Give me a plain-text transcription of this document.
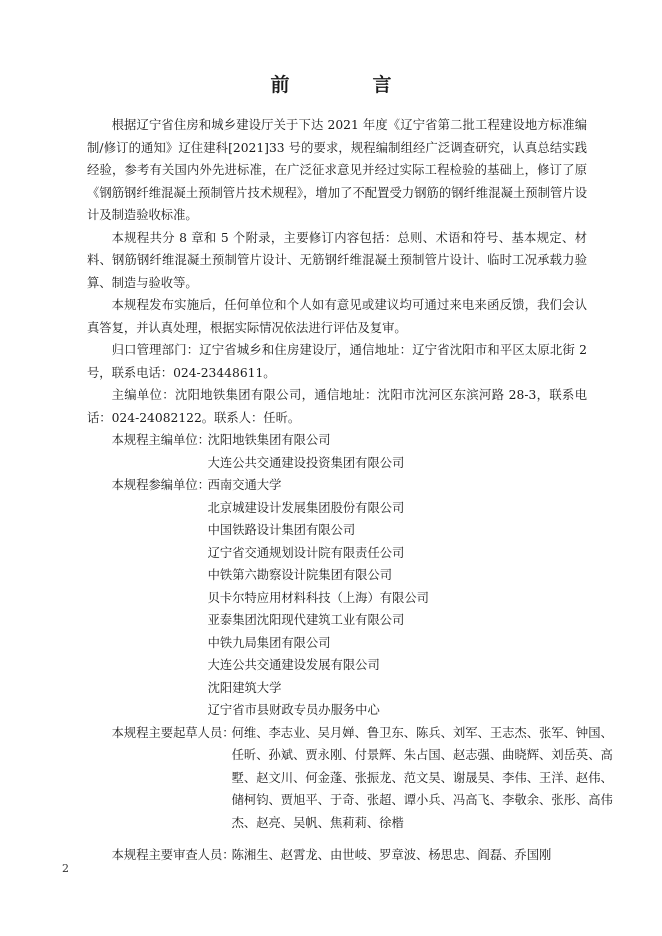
前　言

根据辽宁省住房和城乡建设厅关于下达 2021 年度《辽宁省第二批工程建设地方标准编制/修订的通知》辽住建科[2021]33 号的要求，规程编制组经广泛调查研究，认真总结实践经验，参考有关国内外先进标准，在广泛征求意见并经过实际工程检验的基础上，修订了原《钢筋钢纤维混凝土预制管片技术规程》，增加了不配置受力钢筋的钢纤维混凝土预制管片设计及制造验收标准。

本规程共分 8 章和 5 个附录，主要修订内容包括：总则、术语和符号、基本规定、材料、钢筋钢纤维混凝土预制管片设计、无筋钢纤维混凝土预制管片设计、临时工况承载力验算、制造与验收等。

本规程发布实施后，任何单位和个人如有意见或建议均可通过来电来函反馈，我们会认真答复，并认真处理，根据实际情况依法进行评估及复审。

归口管理部门：辽宁省城乡和住房建设厅，通信地址：辽宁省沈阳市和平区太原北街 2 号，联系电话：024-23448611。

主编单位：沈阳地铁集团有限公司，通信地址：沈阳市沈河区东滨河路 28-3，联系电话：024-24082122。联系人：任昕。

本规程主编单位：
沈阳地铁集团有限公司
大连公共交通建设投资集团有限公司
本规程参编单位：
西南交通大学
北京城建设计发展集团股份有限公司
中国铁路设计集团有限公司
辽宁省交通规划设计院有限责任公司
中铁第六勘察设计院集团有限公司
贝卡尔特应用材料科技（上海）有限公司
亚泰集团沈阳现代建筑工业有限公司
中铁九局集团有限公司
大连公共交通建设发展有限公司
沈阳建筑大学
辽宁省市县财政专员办服务中心
本规程主要起草人员：
何维、李志业、吴月婵、鲁卫东、陈兵、刘军、王志杰、张军、钟国、
任昕、孙斌、贾永刚、付景辉、朱占国、赵志强、曲晓辉、刘岳英、高
墅、赵文川、何金蓬、张振龙、范文昊、谢晟昊、李伟、王洋、赵伟、
储柯钧、贾旭平、于奇、张超、谭小兵、冯高飞、李敬余、张彤、高伟
杰、赵亮、吴帆、焦莉莉、徐楷
本规程主要审查人员：
陈湘生、赵霄龙、由世岐、罗章波、杨思忠、阎磊、乔国刚
2
